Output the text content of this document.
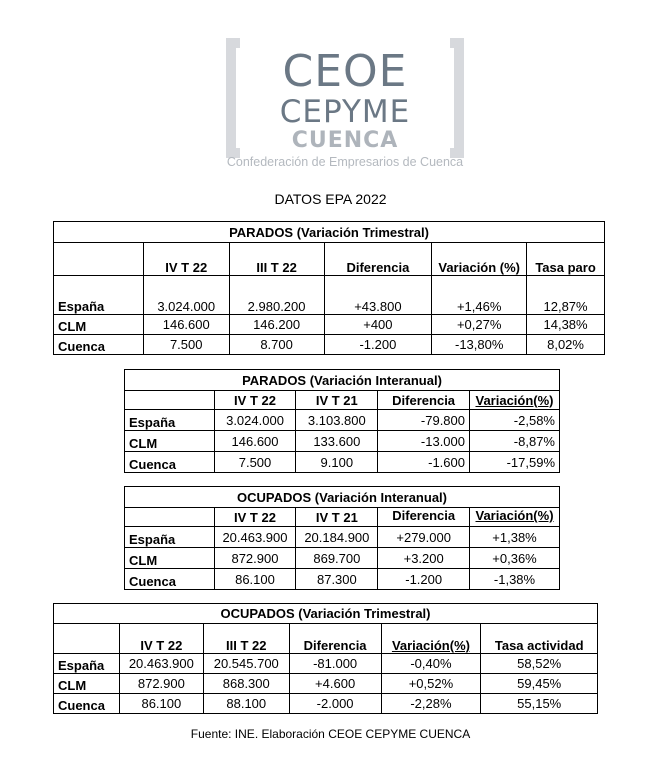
CEOE
CEPYME
CUENCA
Confederación de Empresarios de Cuenca
DATOS EPA 2022
PARADOS (Variación Trimestral)					
	IV T 22	III T 22	Diferencia	Variación (%)	Tasa paro
España	3.024.000	2.980.200	+43.800	+1,46%	12,87%
CLM	146.600	146.200	+400	+0,27%	14,38%
Cuenca	7.500	8.700	-1.200	-13,80%	8,02%
PARADOS (Variación Interanual)				
	IV T 22	IV T 21	Diferencia	Variación(%)
España	3.024.000	3.103.800	-79.800	-2,58%
CLM	146.600	133.600	-13.000	-8,87%
Cuenca	7.500	9.100	-1.600	-17,59%
OCUPADOS (Variación Interanual)				
	IV T 22	IV T 21	Diferencia	Variación(%)
España	20.463.900	20.184.900	+279.000	+1,38%
CLM	872.900	869.700	+3.200	+0,36%
Cuenca	86.100	87.300	-1.200	-1,38%
OCUPADOS (Variación Trimestral)					
	IV T 22	III T 22	Diferencia	Variación(%)	Tasa actividad
España	20.463.900	20.545.700	-81.000	-0,40%	58,52%
CLM	872.900	868.300	+4.600	+0,52%	59,45%
Cuenca	86.100	88.100	-2.000	-2,28%	55,15%
Fuente: INE. Elaboración CEOE CEPYME CUENCA
